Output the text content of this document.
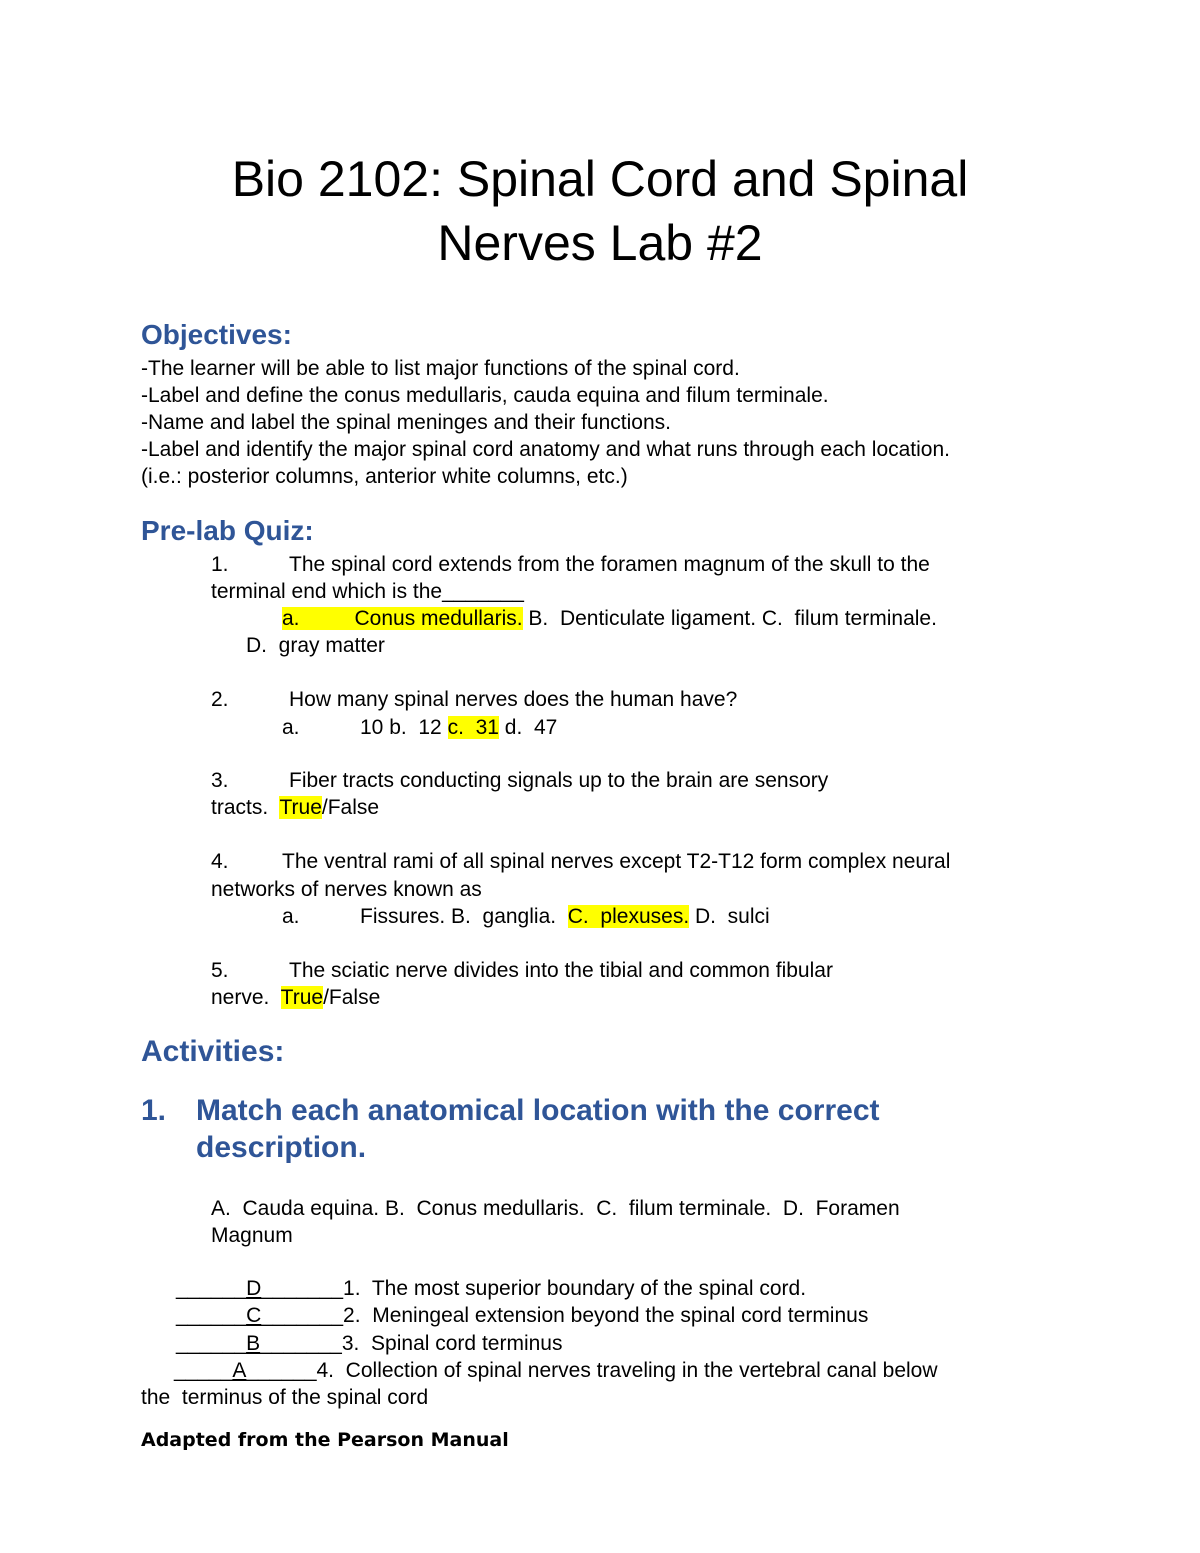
Bio 2102: Spinal Cord and Spinal
Nerves Lab #2
Objectives:
-The learner will be able to list major functions of the spinal cord.
-Label and define the conus medullaris, cauda equina and filum terminale.
-Name and label the spinal meninges and their functions.
-Label and identify the major spinal cord anatomy and what runs through each location.
(i.e.: posterior columns, anterior white columns, etc.)
Pre-lab Quiz:
1.	The spinal cord extends from the foramen magnum of the skull to the
terminal end which is the_______
a.	Conus medullaris. B.  Denticulate ligament. C.  filum terminale.
D.  gray matter
2.	How many spinal nerves does the human have?
a.	10 b.  12 c.  31 d.  47
3.	Fiber tracts conducting signals up to the brain are sensory
tracts.  True/False
4.	The ventral rami of all spinal nerves except T2-T12 form complex neural
networks of nerves known as
a.	Fissures. B.  ganglia.  C.  plexuses. D.  sulci
5.	The sciatic nerve divides into the tibial and common fibular
nerve.  True/False
Activities:
1. Match each anatomical location with the correct
description.
A.  Cauda equina. B.  Conus medullaris.  C.  filum terminale.  D.  Foramen
Magnum
______D_______1.  The most superior boundary of the spinal cord.
______C_______2.  Meningeal extension beyond the spinal cord terminus
______B_______3.  Spinal cord terminus
_____A______4.  Collection of spinal nerves traveling in the vertebral canal below
the  terminus of the spinal cord
Adapted from the Pearson Manual
